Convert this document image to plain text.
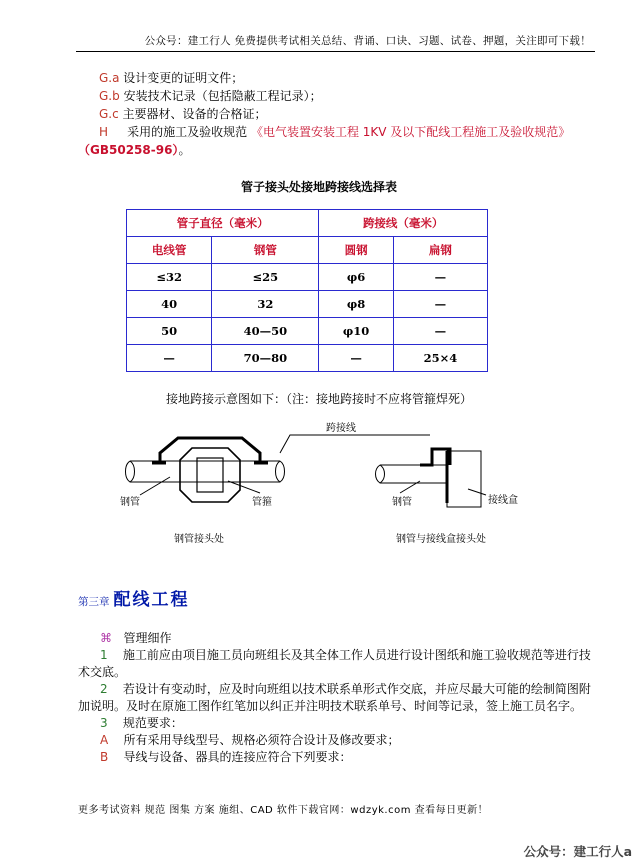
公众号：建工行人 免费提供考试相关总结、背诵、口诀、习题、试卷、押题，关注即可下载！
G.a 设计变更的证明文件；
G.b 安装技术记录（包括隐蔽工程记录）；
G.c 主要器材、设备的合格证；
H 采用的施工及验收规范 《电气装置安装工程 1KV 及以下配线工程施工及验收规范》
（GB50258-96）。
管子接头处接地跨接线选择表
管子直径（毫米）		跨接线（毫米）	
电线管	钢管	圆钢	扁钢
≤32	≤25	φ6	—
40	32	φ8	—
50	40—50	φ10	—
—	70—80	—	25×4
接地跨接示意图如下：（注：接地跨接时不应将管箍焊死）
跨接线
钢管	管箍	钢管	接线盒
钢管接头处	钢管与接线盒接头处
第三章 配线工程

⌘ 管理细作

1 施工前应由项目施工员向班组长及其全体工作人员进行设计图纸和施工验收规范等进行技术交底。

2 若设计有变动时，应及时向班组以技术联系单形式作交底，并应尽最大可能的绘制简图附加说明。及时在原施工图作红笔加以纠正并注明技术联系单号、时间等记录，签上施工员名字。

3 规范要求：

A 所有采用导线型号、规格必须符合设计及修改要求；

B 导线与设备、器具的连接应符合下列要求：

更多考试资料 规范 图集 方案 施组、CAD 软件下载官网：wdzyk.com 查看每日更新！
公众号：建工行人a
